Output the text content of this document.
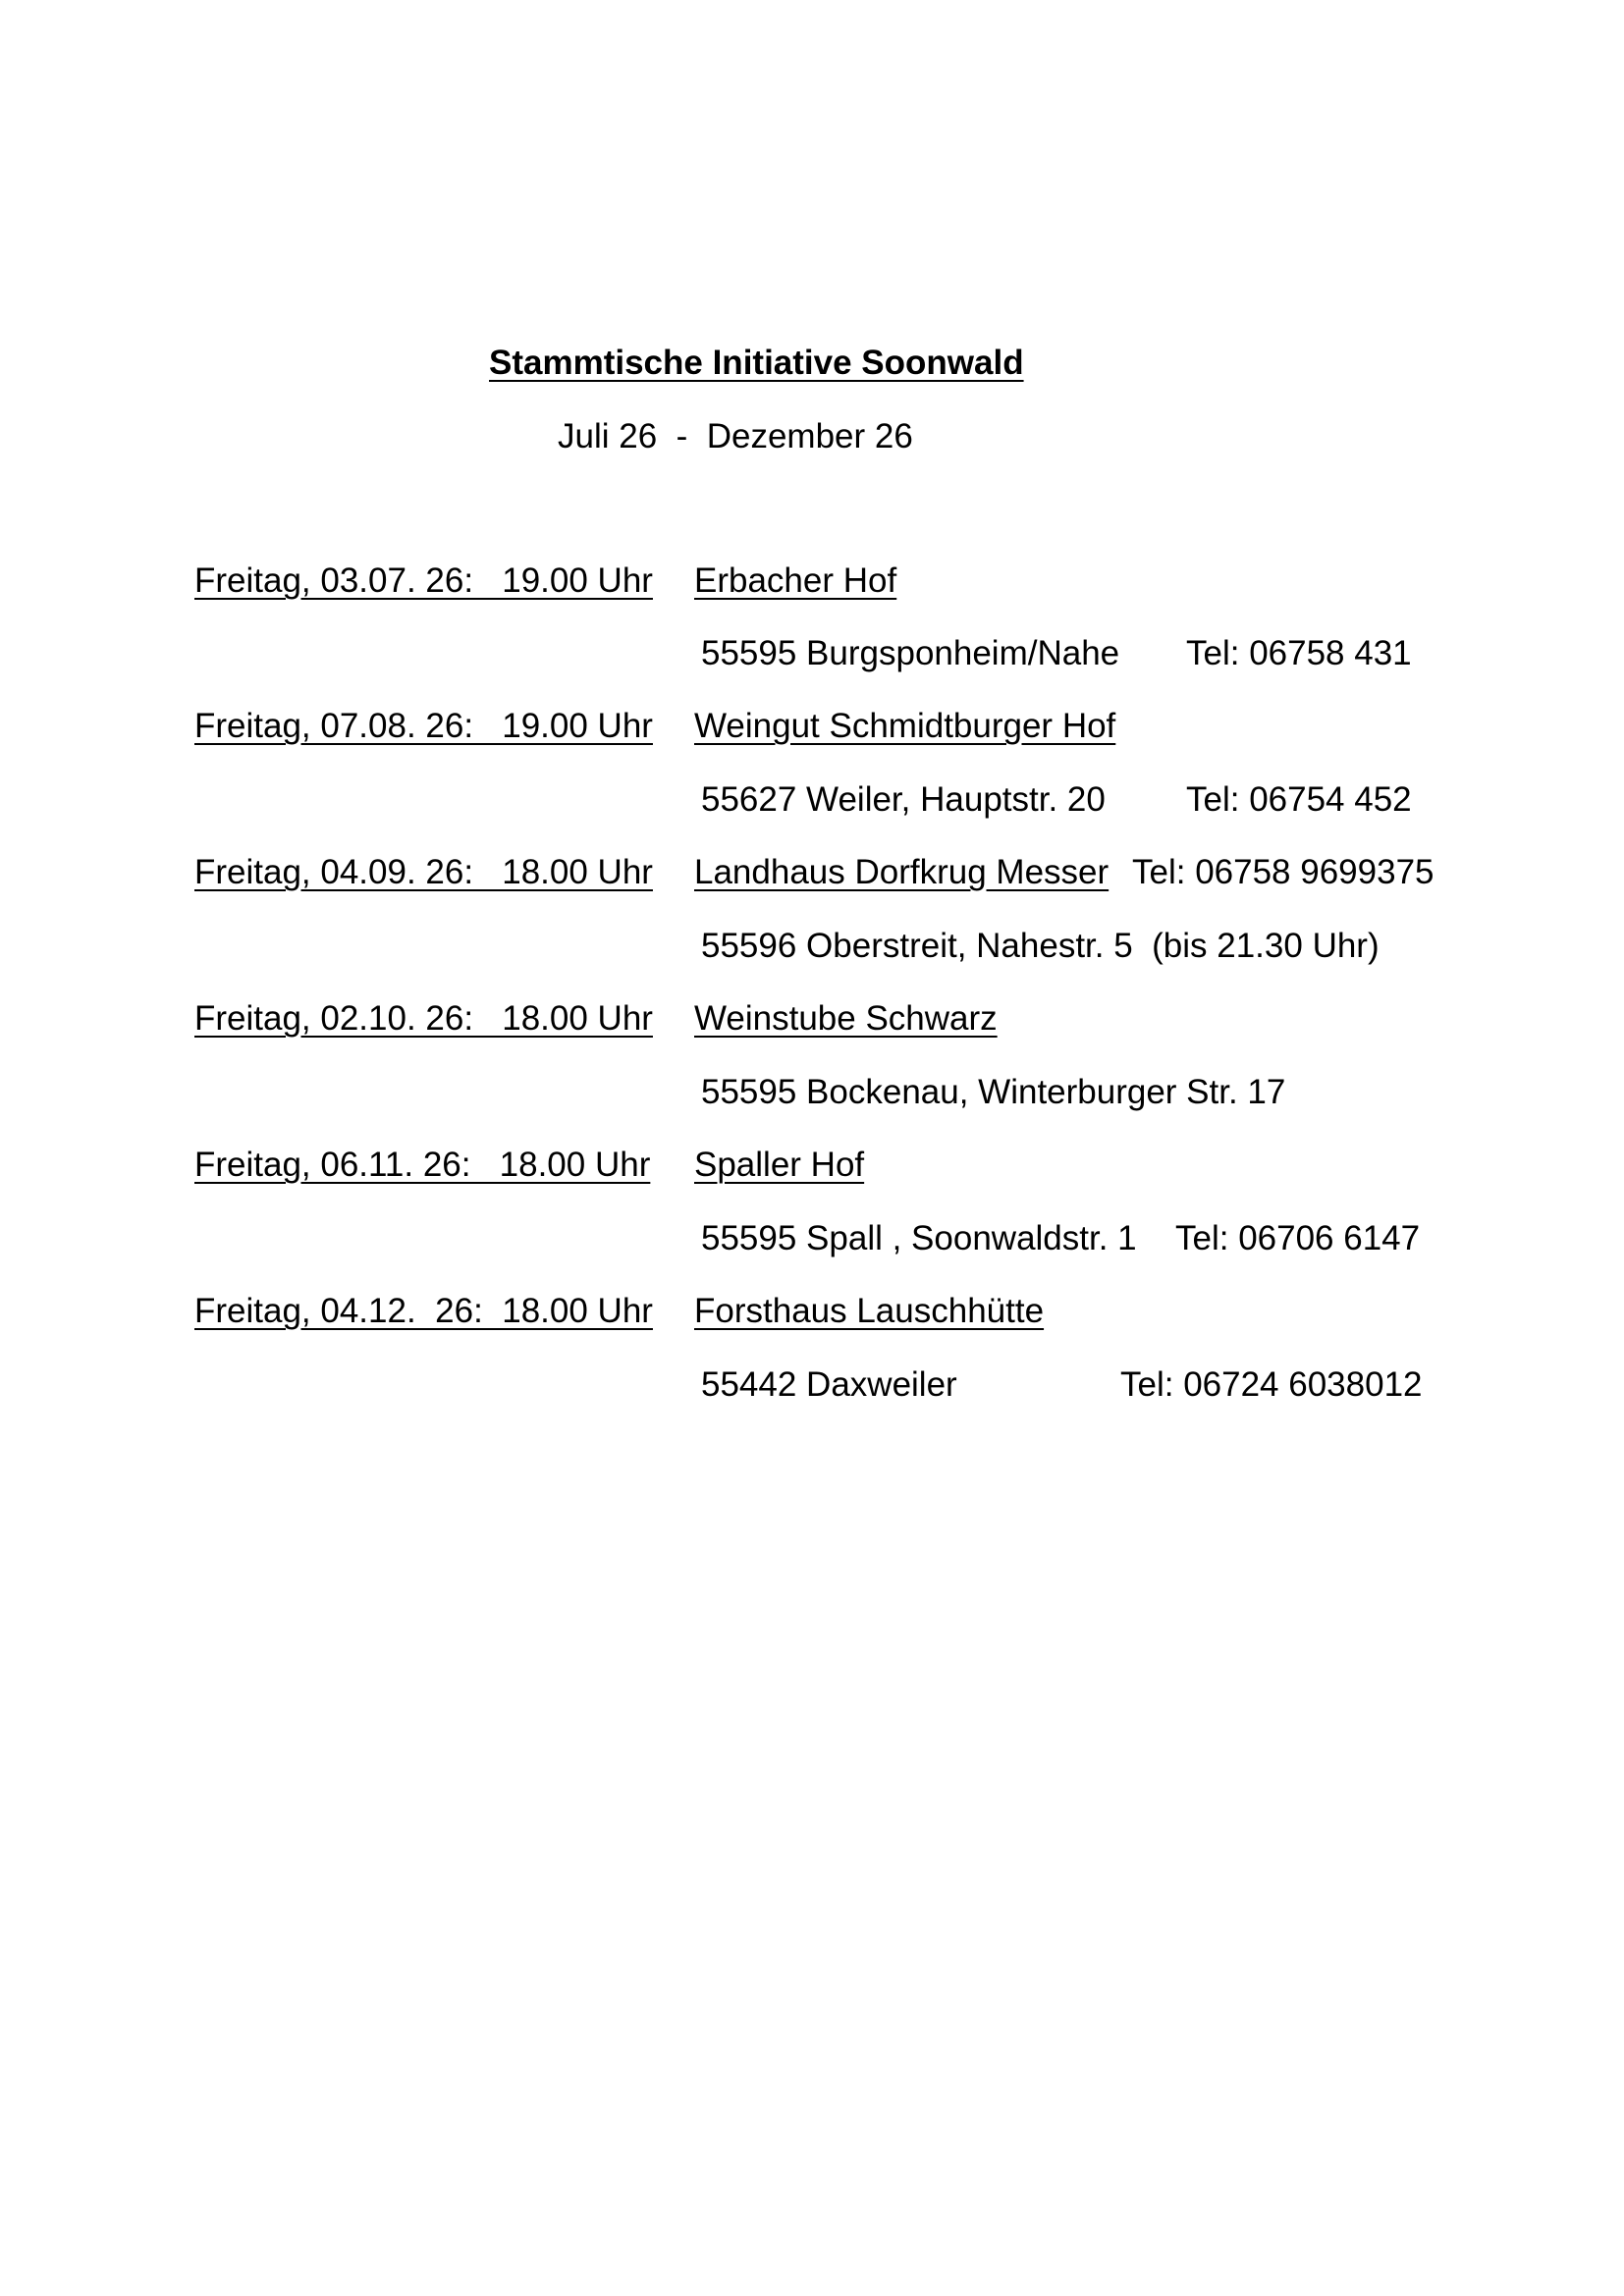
Stammtische Initiative Soonwald
Juli 26  -  Dezember 26
Freitag, 03.07. 26:   19.00 Uhr Erbacher Hof
55595 Burgsponheim/Nahe Tel: 06758 431
Freitag, 07.08. 26:   19.00 Uhr Weingut Schmidtburger Hof
55627 Weiler, Hauptstr. 20 Tel: 06754 452
Freitag, 04.09. 26:   18.00 Uhr Landhaus Dorfkrug Messer Tel: 06758 9699375
55596 Oberstreit, Nahestr. 5  (bis 21.30 Uhr)
Freitag, 02.10. 26:   18.00 Uhr Weinstube Schwarz
55595 Bockenau, Winterburger Str. 17
Freitag, 06.11. 26:   18.00 Uhr Spaller Hof
55595 Spall , Soonwaldstr. 1 Tel: 06706 6147
Freitag, 04.12.  26:  18.00 Uhr Forsthaus Lauschhütte
55442 Daxweiler	Tel: 06724 6038012
